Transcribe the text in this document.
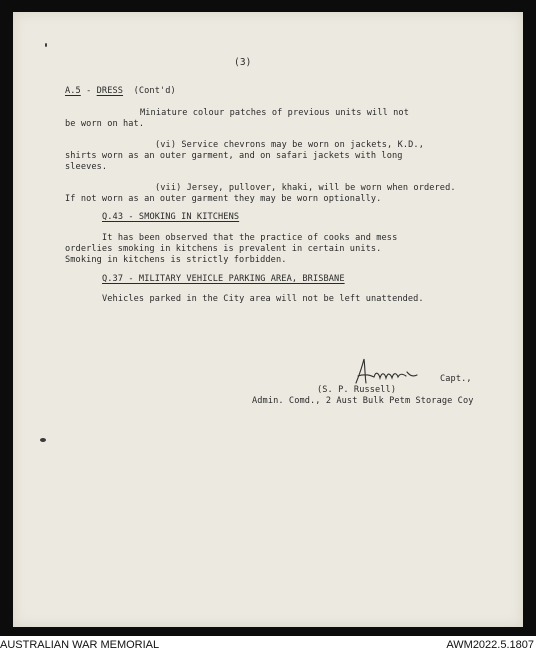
(3)
A.5 - DRESS (Cont'd)
Miniature colour patches of previous units will not
be worn on hat.
(vi) Service chevrons may be worn on jackets, K.D.,
shirts worn as an outer garment, and on safari jackets with long
sleeves.
(vii) Jersey, pullover, khaki, will be worn when ordered.
If not worn as an outer garment they may be worn optionally.
Q.43 - SMOKING IN KITCHENS
It has been observed that the practice of cooks and mess
orderlies smoking in kitchens is prevalent in certain units.
Smoking in kitchens is strictly forbidden.
Q.37 - MILITARY VEHICLE PARKING AREA, BRISBANE
Vehicles parked in the City area will not be left unattended.
Capt.,
(S. P. Russell)
Admin. Comd., 2 Aust Bulk Petm Storage Coy
AUSTRALIAN WAR MEMORIAL	AWM2022.5.1807
